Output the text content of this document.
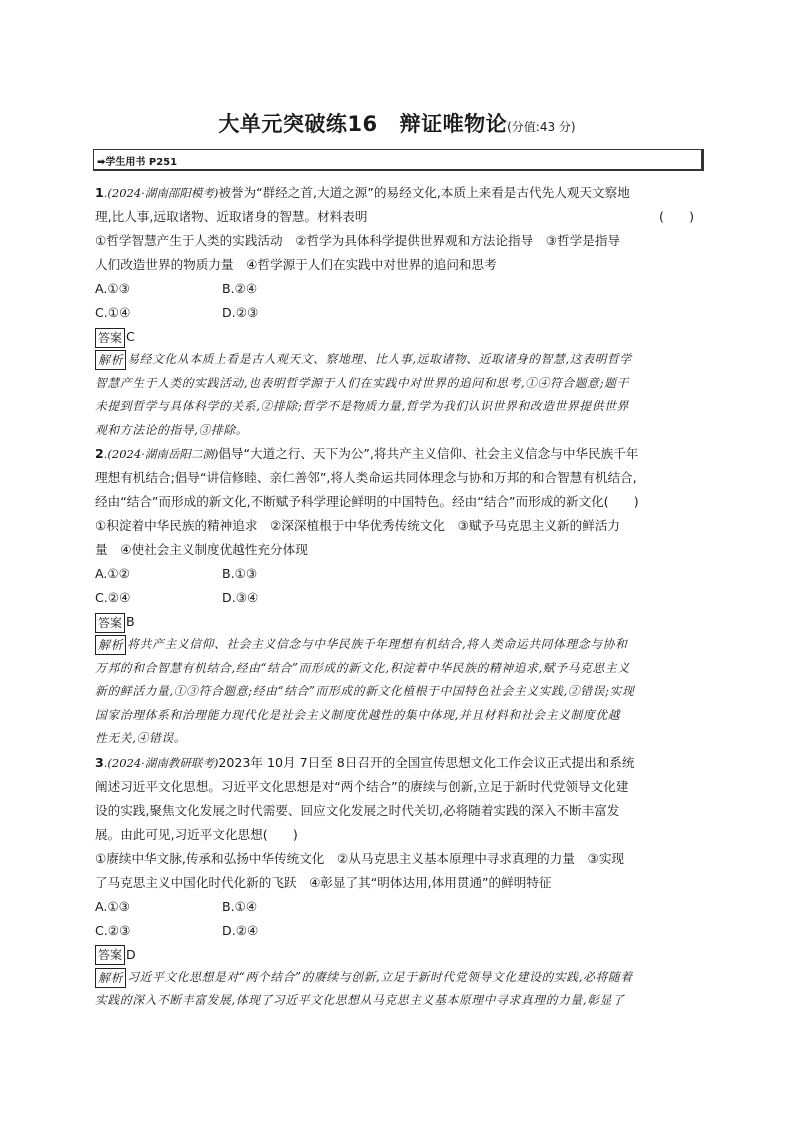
大单元突破练16 辩证唯物论(分值:43 分)
➡学生用书 P251
1.(2024·湖南邵阳模考)被誉为“群经之首,大道之源”的易经文化,本质上来看是古代先人观天文察地
理,比人事,远取诸物、近取诸身的智慧。材料表明	(　　)
①哲学智慧产生于人类的实践活动　②哲学为具体科学提供世界观和方法论指导　③哲学是指导
人们改造世界的物质力量　④哲学源于人们在实践中对世界的追问和思考
A.①③	B.②④
C.①④	D.②③
答案 C
解析 易经文化从本质上看是古人观天文、察地理、比人事,远取诸物、近取诸身的智慧,这表明哲学
智慧产生于人类的实践活动,也表明哲学源于人们在实践中对世界的追问和思考,①④符合题意;题干
未提到哲学与具体科学的关系,②排除;哲学不是物质力量,哲学为我们认识世界和改造世界提供世界
观和方法论的指导,③排除。
2.(2024·湖南岳阳二测)倡导“大道之行、天下为公”,将共产主义信仰、社会主义信念与中华民族千年
理想有机结合;倡导“讲信修睦、亲仁善邻”,将人类命运共同体理念与协和万邦的和合智慧有机结合,
经由“结合”而形成的新文化,不断赋予科学理论鲜明的中国特色。经由“结合”而形成的新文化(　　)
①积淀着中华民族的精神追求　②深深植根于中华优秀传统文化　③赋予马克思主义新的鲜活力
量　④使社会主义制度优越性充分体现
A.①②	B.①③
C.②④	D.③④
答案 B
解析 将共产主义信仰、社会主义信念与中华民族千年理想有机结合,将人类命运共同体理念与协和
万邦的和合智慧有机结合,经由“结合”而形成的新文化,积淀着中华民族的精神追求,赋予马克思主义
新的鲜活力量,①③符合题意;经由“结合”而形成的新文化植根于中国特色社会主义实践,②错误;实现
国家治理体系和治理能力现代化是社会主义制度优越性的集中体现,并且材料和社会主义制度优越
性无关,④错误。
3.(2024·湖南教研联考)2023年 10月 7日至 8日召开的全国宣传思想文化工作会议正式提出和系统
阐述习近平文化思想。习近平文化思想是对“两个结合”的赓续与创新,立足于新时代党领导文化建
设的实践,聚焦文化发展之时代需要、回应文化发展之时代关切,必将随着实践的深入不断丰富发
展。由此可见,习近平文化思想(　　)
①赓续中华文脉,传承和弘扬中华传统文化　②从马克思主义基本原理中寻求真理的力量　③实现
了马克思主义中国化时代化新的飞跃　④彰显了其“明体达用,体用贯通”的鲜明特征
A.①③	B.①④
C.②③	D.②④
答案 D
解析 习近平文化思想是对“两个结合”的赓续与创新,立足于新时代党领导文化建设的实践,必将随着
实践的深入不断丰富发展,体现了习近平文化思想从马克思主义基本原理中寻求真理的力量,彰显了
